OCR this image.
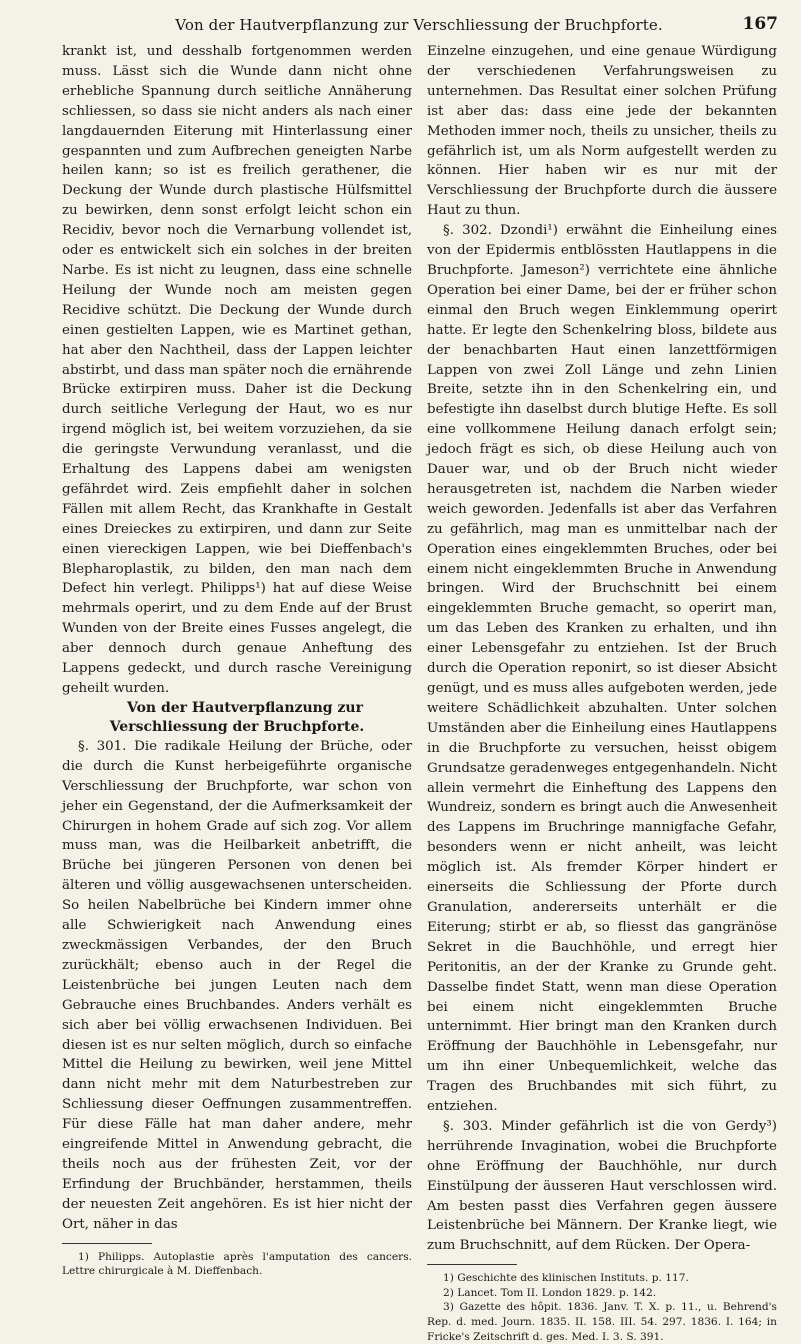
Von der Hautverpflanzung zur Verschliessung der Bruchpforte.	167

krankt ist, und desshalb fortgenommen werden muss. Lässt sich die Wunde dann nicht ohne erhebliche Spannung durch seitliche Annäherung schliessen, so dass sie nicht anders als nach einer langdauernden Eiterung mit Hinterlassung einer gespannten und zum Aufbrechen geneigten Narbe heilen kann; so ist es freilich gerathener, die Deckung der Wunde durch plastische Hülfsmittel zu bewirken, denn sonst erfolgt leicht schon ein Recidiv, bevor noch die Vernarbung vollendet ist, oder es entwickelt sich ein solches in der breiten Narbe. Es ist nicht zu leugnen, dass eine schnelle Heilung der Wunde noch am meisten gegen Recidive schützt. Die Deckung der Wunde durch einen gestielten Lappen, wie es Martinet gethan, hat aber den Nachtheil, dass der Lappen leichter abstirbt, und dass man später noch die ernährende Brücke extirpiren muss. Daher ist die Deckung durch seitliche Verlegung der Haut, wo es nur irgend möglich ist, bei weitem vorzuziehen, da sie die geringste Verwundung veranlasst, und die Erhaltung des Lappens dabei am wenigsten gefährdet wird. Zeis empfiehlt daher in solchen Fällen mit allem Recht, das Krankhafte in Gestalt eines Dreieckes zu extirpiren, und dann zur Seite einen viereckigen Lappen, wie bei Dieffenbach's Blepharoplastik, zu bilden, den man nach dem Defect hin verlegt. Philipps¹) hat auf diese Weise mehrmals operirt, und zu dem Ende auf der Brust Wunden von der Breite eines Fusses angelegt, die aber dennoch durch genaue Anheftung des Lappens gedeckt, und durch rasche Vereinigung geheilt wurden.

Von der Hautverpflanzung zur Verschliessung der Bruchpforte.

§. 301. Die radikale Heilung der Brüche, oder die durch die Kunst herbeigeführte organische Verschliessung der Bruchpforte, war schon von jeher ein Gegenstand, der die Aufmerksamkeit der Chirurgen in hohem Grade auf sich zog. Vor allem muss man, was die Heilbarkeit anbetrifft, die Brüche bei jüngeren Personen von denen bei älteren und völlig ausgewachsenen unterscheiden. So heilen Nabelbrüche bei Kindern immer ohne alle Schwierigkeit nach Anwendung eines zweckmässigen Verbandes, der den Bruch zurückhält; ebenso auch in der Regel die Leistenbrüche bei jungen Leuten nach dem Gebrauche eines Bruchbandes. Anders verhält es sich aber bei völlig erwachsenen Individuen. Bei diesen ist es nur selten möglich, durch so einfache Mittel die Heilung zu bewirken, weil jene Mittel dann nicht mehr mit dem Naturbestreben zur Schliessung dieser Oeffnungen zusammentreffen. Für diese Fälle hat man daher andere, mehr eingreifende Mittel in Anwendung gebracht, die theils noch aus der frühesten Zeit, vor der Erfindung der Bruchbänder, herstammen, theils der neuesten Zeit angehören. Es ist hier nicht der Ort, näher in das

1) Philipps. Autoplastie après l'amputation des cancers. Lettre chirurgicale à M. Dieffenbach.

Einzelne einzugehen, und eine genaue Würdigung der verschiedenen Verfahrungsweisen zu unternehmen. Das Resultat einer solchen Prüfung ist aber das: dass eine jede der bekannten Methoden immer noch, theils zu unsicher, theils zu gefährlich ist, um als Norm aufgestellt werden zu können. Hier haben wir es nur mit der Verschliessung der Bruchpforte durch die äussere Haut zu thun.

§. 302. Dzondi¹) erwähnt die Einheilung eines von der Epidermis entblössten Hautlappens in die Bruchpforte. Jameson²) verrichtete eine ähnliche Operation bei einer Dame, bei der er früher schon einmal den Bruch wegen Einklemmung operirt hatte. Er legte den Schenkelring bloss, bildete aus der benachbarten Haut einen lanzettförmigen Lappen von zwei Zoll Länge und zehn Linien Breite, setzte ihn in den Schenkelring ein, und befestigte ihn daselbst durch blutige Hefte. Es soll eine vollkommene Heilung danach erfolgt sein; jedoch frägt es sich, ob diese Heilung auch von Dauer war, und ob der Bruch nicht wieder herausgetreten ist, nachdem die Narben wieder weich geworden. Jedenfalls ist aber das Verfahren zu gefährlich, mag man es unmittelbar nach der Operation eines eingeklemmten Bruches, oder bei einem nicht eingeklemmten Bruche in Anwendung bringen. Wird der Bruchschnitt bei einem eingeklemmten Bruche gemacht, so operirt man, um das Leben des Kranken zu erhalten, und ihn einer Lebensgefahr zu entziehen. Ist der Bruch durch die Operation reponirt, so ist dieser Absicht genügt, und es muss alles aufgeboten werden, jede weitere Schädlichkeit abzuhalten. Unter solchen Umständen aber die Einheilung eines Hautlappens in die Bruchpforte zu versuchen, heisst obigem Grundsatze geradenweges entgegenhandeln. Nicht allein vermehrt die Einheftung des Lappens den Wundreiz, sondern es bringt auch die Anwesenheit des Lappens im Bruchringe mannigfache Gefahr, besonders wenn er nicht anheilt, was leicht möglich ist. Als fremder Körper hindert er einerseits die Schliessung der Pforte durch Granulation, andererseits unterhält er die Eiterung; stirbt er ab, so fliesst das gangränöse Sekret in die Bauchhöhle, und erregt hier Peritonitis, an der der Kranke zu Grunde geht. Dasselbe findet Statt, wenn man diese Operation bei einem nicht eingeklemmten Bruche unternimmt. Hier bringt man den Kranken durch Eröffnung der Bauchhöhle in Lebensgefahr, nur um ihn einer Unbequemlichkeit, welche das Tragen des Bruchbandes mit sich führt, zu entziehen.

§. 303. Minder gefährlich ist die von Gerdy³) herrührende Invagination, wobei die Bruchpforte ohne Eröffnung der Bauchhöhle, nur durch Einstülpung der äusseren Haut verschlossen wird. Am besten passt dies Verfahren gegen äussere Leistenbrüche bei Männern. Der Kranke liegt, wie zum Bruchschnitt, auf dem Rücken. Der Opera-

1) Geschichte des klinischen Instituts. p. 117.

2) Lancet. Tom II. London 1829. p. 142.

3) Gazette des hôpit. 1836. Janv. T. X. p. 11., u. Behrend's Rep. d. med. Journ. 1835. II. 158. III. 54. 297. 1836. I. 164; in Fricke's Zeitschrift d. ges. Med. I. 3. S. 391.
